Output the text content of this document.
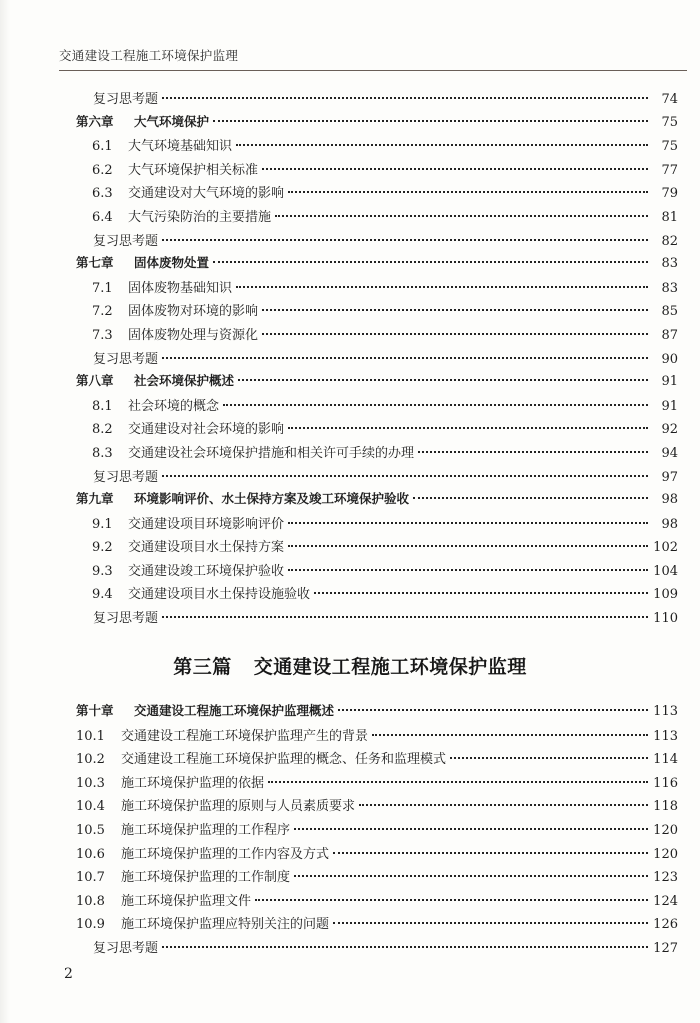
交通建设工程施工环境保护监理
复习思考题	74
第六章	大气环境保护	75
6.1	大气环境基础知识	75
6.2	大气环境保护相关标准	77
6.3	交通建设对大气环境的影响	79
6.4	大气污染防治的主要措施	81
复习思考题	82
第七章	固体废物处置	83
7.1	固体废物基础知识	83
7.2	固体废物对环境的影响	85
7.3	固体废物处理与资源化	87
复习思考题	90
第八章	社会环境保护概述	91
8.1	社会环境的概念	91
8.2	交通建设对社会环境的影响	92
8.3	交通建设社会环境保护措施和相关许可手续的办理	94
复习思考题	97
第九章	环境影响评价、水土保持方案及竣工环境保护验收	98
9.1	交通建设项目环境影响评价	98
9.2	交通建设项目水土保持方案	102
9.3	交通建设竣工环境保护验收	104
9.4	交通建设项目水土保持设施验收	109
复习思考题	110
第三篇 交通建设工程施工环境保护监理
第十章	交通建设工程施工环境保护监理概述	113
10.1	交通建设工程施工环境保护监理产生的背景	113
10.2	交通建设工程施工环境保护监理的概念、任务和监理模式	114
10.3	施工环境保护监理的依据	116
10.4	施工环境保护监理的原则与人员素质要求	118
10.5	施工环境保护监理的工作程序	120
10.6	施工环境保护监理的工作内容及方式	120
10.7	施工环境保护监理的工作制度	123
10.8	施工环境保护监理文件	124
10.9	施工环境保护监理应特别关注的问题	126
复习思考题	127
2
